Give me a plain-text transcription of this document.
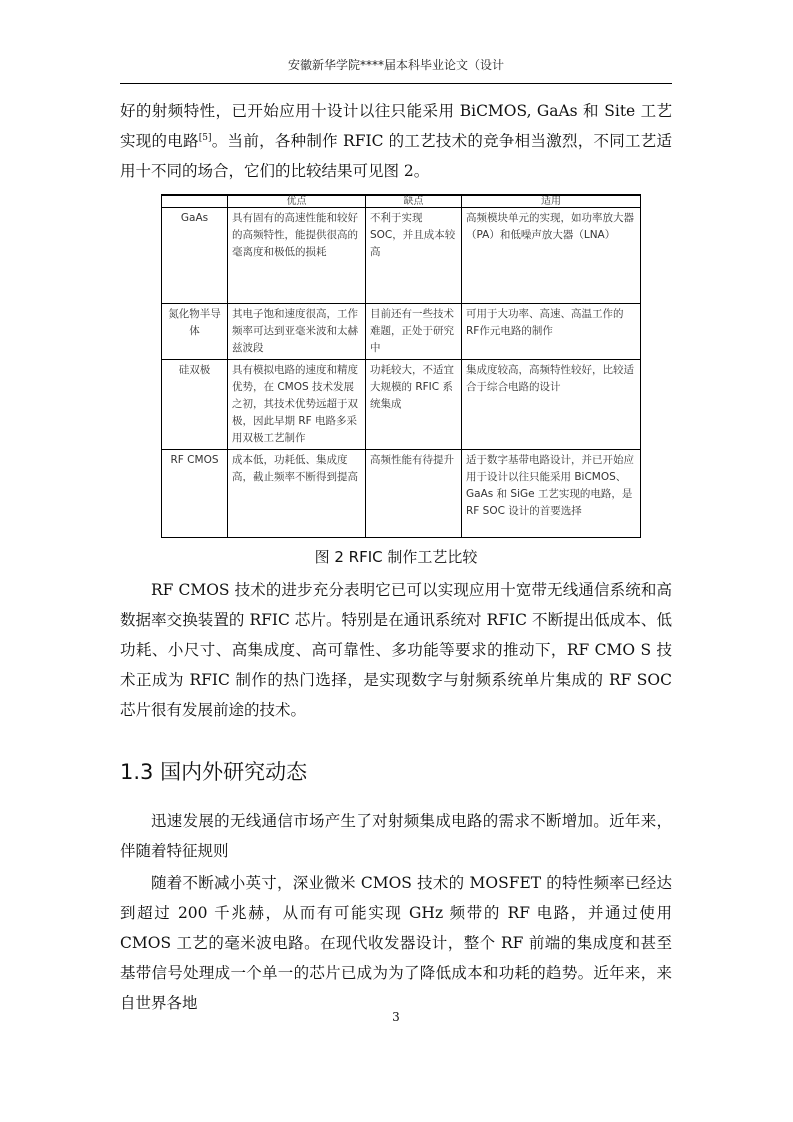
安徽新华学院****届本科毕业论文（设计

好的射频特性，已开始应用十设计以往只能采用 BiCMOS, GaAs 和 Site 工艺实现的电路[5]。当前，各种制作 RFIC 的工艺技术的竞争相当激烈，不同工艺适用十不同的场合，它们的比较结果可见图 2。

	优点	缺点	适用
GaAs	具有固有的高速性能和较好的高频特性，能提供很高的毫离度和极低的损耗	不利于实现 SOC，并且成本较高	高频模块单元的实现，如功率放大器（PA）和低噪声放大器（LNA）
氮化物半导体	其电子饱和速度很高，工作频率可达到亚毫米波和太赫兹波段	目前还有一些技术难题，正处于研究中	可用于大功率、高速、高温工作的RF作元电路的制作
硅双极	具有模拟电路的速度和精度优势，在 CMOS 技术发展之初，其技术优势远超于双极，因此早期 RF 电路多采用双极工艺制作	功耗较大，不适宜大规模的 RFIC 系统集成	集成度较高，高频特性较好，比较适合于综合电路的设计
RF CMOS	成本低，功耗低、集成度高，截止频率不断得到提高	高频性能有待提升	适于数字基带电路设计，并已开始应用于设计以往只能采用 BiCMOS、GaAs 和 SiGe 工艺实现的电路，是 RF SOC 设计的首要选择
图 2 RFIC 制作工艺比较

RF CMOS 技术的进步充分表明它已可以实现应用十宽带无线通信系统和高数据率交换装置的 RFIC 芯片。特别是在通讯系统对 RFIC 不断提出低成本、低功耗、小尺寸、高集成度、高可靠性、多功能等要求的推动下，RF CMO S 技术正成为 RFIC 制作的热门选择，是实现数字与射频系统单片集成的 RF SOC 芯片很有发展前途的技术。

1.3 国内外研究动态

迅速发展的无线通信市场产生了对射频集成电路的需求不断增加。近年来，伴随着特征规则

随着不断减小英寸，深业微米 CMOS 技术的 MOSFET 的特性频率已经达到超过 200 千兆赫，从而有可能实现 GHz 频带的 RF 电路，并通过使用 CMOS 工艺的毫米波电路。在现代收发器设计，整个 RF 前端的集成度和甚至基带信号处理成一个单一的芯片已成为为了降低成本和功耗的趋势。近年来，来自世界各地

3
